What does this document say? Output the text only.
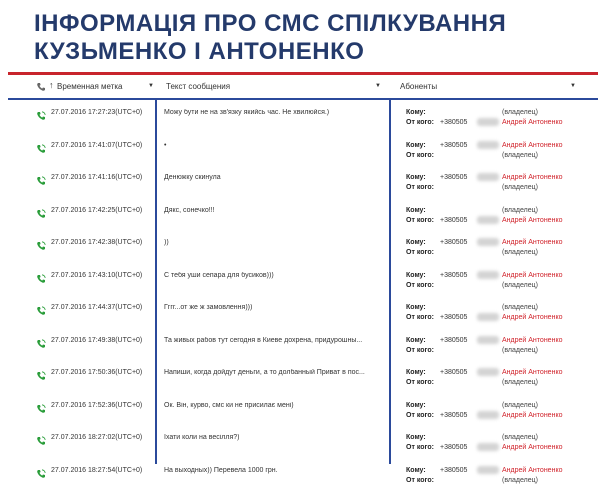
ІНФОРМАЦІЯ ПРО СМС СПІЛКУВАННЯ
КУЗЬМЕНКО І АНТОНЕНКО
↑ Временная метка	▼ Текст сообщения	▼ Абоненты	▼
27.07.2016 17:27:23(UTC+0)	Можу бути не на зв'язку якийсь час. Не хвилюйся.)	Кому:	(владелец)
От кого: +380505	Андрей Антоненко
27.07.2016 17:41:07(UTC+0)	•	Кому: +380505	Андрей Антоненко
От кого:	(владелец)
27.07.2016 17:41:16(UTC+0)	Денюжку скинула	Кому: +380505	Андрей Антоненко
От кого:	(владелец)
27.07.2016 17:42:25(UTC+0)	Дякс, сонечко!!!	Кому:	(владелец)
От кого: +380505	Андрей Антоненко
27.07.2016 17:42:38(UTC+0)	))	Кому: +380505	Андрей Антоненко
От кого:	(владелец)
27.07.2016 17:43:10(UTC+0)	С тебя уши сепара для бусиков)))	Кому: +380505	Андрей Антоненко
От кого:	(владелец)
27.07.2016 17:44:37(UTC+0)	Гггг...от же ж замовлення)))	Кому:	(владелец)
От кого: +380505	Андрей Антоненко
27.07.2016 17:49:38(UTC+0)	Та живых рабов тут сегодня в Киеве дохрена, придурошны...	Кому: +380505	Андрей Антоненко
От кого:	(владелец)
27.07.2016 17:50:36(UTC+0)	Напиши, когда дойдут деньги, а то долбанный Приват в пос...	Кому: +380505	Андрей Антоненко
От кого:	(владелец)
27.07.2016 17:52:36(UTC+0)	Ок. Він, курво, смс ки не присилає мені)	Кому:	(владелец)
От кого: +380505	Андрей Антоненко
27.07.2016 18:27:02(UTC+0)	Їхати коли на весілля?)	Кому:	(владелец)
От кого: +380505	Андрей Антоненко
27.07.2016 18:27:54(UTC+0)	На выходных)) Перевела 1000 грн.	Кому: +380505	Андрей Антоненко
От кого:	(владелец)
